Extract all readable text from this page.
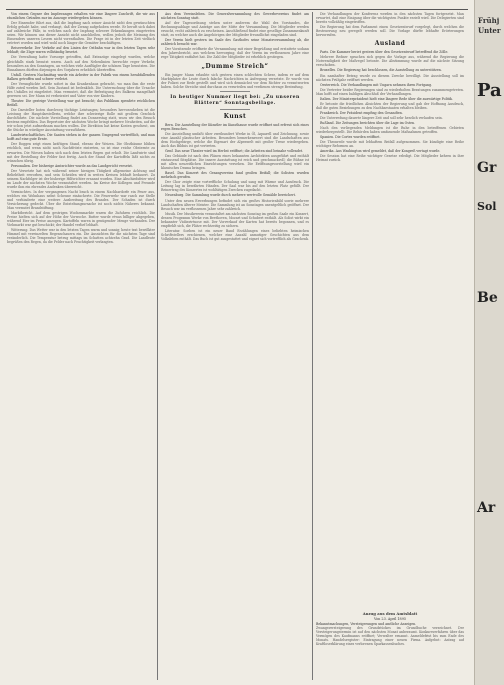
Von einem Gegner des Impfzwanges erhalten wir eine längere Zuschrift, die wir aus räumlichen Gründen nur im Auszuge wiedergeben können.

Der Einsender führt aus, daß die Impfung nach seiner Ansicht nicht den gewünschten Erfolg gehabt habe, und verlangt, daß der Zwang aufgehoben werde. Er beruft sich dabei auf zahlreiche Fälle, in welchen nach der Impfung schwere Erkrankungen eingetreten seien. Wir können uns dieser Ansicht nicht anschließen, wollen jedoch die Meinung des Einsenders unseren Lesern nicht vorenthalten. Die Frage ist in der letzten Zeit vielfach erörtert worden und wird wohl noch länger die Gemüter beschäftigen.

Reiseverkehr. Der Verkehr auf den Linien der Ostbahn war in den letzten Tagen sehr lebhaft; die Züge waren vollständig besetzt.

Die Verwaltung hatte Vorsorge getroffen, daß Extrazüge eingelegt wurden, welche gleichfalls stark benutzt waren. Auch auf den Nebenlinien herrschte reger Verkehr, besonders an den Sonntagen, an welchen viele Ausflügler die schönen Tage benutzten. Die Einnahmen dürften diejenigen des Vorjahres erheblich übertreffen.

Unfall. Gestern Nachmittag wurde ein Arbeiter in der Fabrik von einem herabfallenden Balken getroffen und schwer verletzt.

Der Verunglückte wurde sofort in das Krankenhaus gebracht, wo man ihm die erste Hilfe zuteil werden ließ. Sein Zustand ist bedenklich. Die Untersuchung über die Ursache des Unfalles ist eingeleitet. Man vermutet, daß die Befestigung des Balkens mangelhaft gewesen sei. Der Mann ist verheiratet und Vater von vier Kindern.

Theater. Die gestrige Vorstellung war gut besucht; das Publikum spendete reichlichen Beifall.

Die Darsteller boten durchweg tüchtige Leistungen; besonders hervorzuheben ist die Leistung der Hauptdarstellerin, welche ihre schwierige Rolle mit großem Geschick durchführte. Die nächste Vorstellung findet am Donnerstag statt, wozu wir den Besuch bestens empfehlen. Das Repertoire der nächsten Woche bringt mehrere Neuheiten, auf die wir schon jetzt aufmerksam machen wollen. Die Direktion hat keine Kosten gescheut, um die Stücke in würdiger Ausstattung vorzuführen.

Landwirtschaftliches. Die Saaten stehen in der ganzen Umgegend vortrefflich, und man hofft auf eine gute Ernte.

Der Roggen zeigt einen kräftigen Stand, ebenso der Weizen. Die Obstbäume blühen reichlich, und wenn nicht noch Nachtfröste eintreten, so ist eine reiche Obsternte zu erwarten. Die Wiesen haben sich nach dem letzten Regen gut erholt. Die Landwirte sind mit der Bestellung der Felder fast fertig. Auch der Stand der Kartoffeln läßt nichts zu wünschen übrig.

Personalien. Der bisherige Amtsrichter wurde an das Landgericht versetzt.

Der Versetzte hat sich während seiner hiesigen Tätigkeit allgemeine Achtung und Beliebtheit erworben, und sein Scheiden wird in weiten Kreisen lebhaft bedauert. Zu seinem Nachfolger ist der bisherige Hilfsrichter ernannt worden. Eine Abschiedsfeier wird im Laufe der nächsten Woche veranstaltet werden. Im Kreise der Kollegen und Freunde wurde ihm ein ehrendes Andenken überreicht.

Vermischtes. In der vergangenen Nacht brach in einem Nachbardorfe ein Feuer aus, welches ein Wohnhaus nebst Scheune einäscherte. Die Feuerwehr war rasch zur Stelle und verhinderte eine weitere Ausbreitung des Brandes. Der Schaden ist durch Versicherung gedeckt. Über die Entstehungsursache ist noch nichts Näheres bekannt. Man vermutet Brandstiftung.

Marktbericht. Auf dem gestrigen Wochenmarkte waren die Zufuhren reichlich. Die Preise hielten sich auf der Höhe der Vorwoche. Butter wurde etwas billiger abgegeben, während Eier im Preise anzogen. Kartoffeln waren in genügender Menge vorhanden. Der Viehmarkt war gut beschickt; der Handel verlief lebhaft.

Witterung. Das Wetter war in den letzten Tagen warm und sonnig; heute trat bewölkter Himmel mit vereinzelten Regenschauern ein. Die Aussichten für die nächsten Tage sind veränderlich. Die Temperatur betrug mittags im Schatten achtzehn Grad. Die Landleute begrüßen den Regen, da die Felder nach Feuchtigkeit verlangten.

Aus dem Vereinsleben. Die Generalversammlung des Gewerbevereins findet am nächsten Sonntag statt.

Auf der Tagesordnung stehen unter anderem die Wahl des Vorstandes, die Rechnungsablage und Anträge aus der Mitte der Versammlung. Die Mitglieder werden ersucht, recht zahlreich zu erscheinen. Anschließend findet eine gesellige Zusammenkunft statt, zu welcher auch die Angehörigen der Mitglieder freundlichst eingeladen sind.

Der Verein hielt gestern im Saale des Gasthofes seine Monatsversammlung ab, die zahlreich besucht war.

Der Vorsitzende eröffnete die Versammlung mit einer Begrüßung und erstattete sodann den Jahresbericht, aus welchem hervorging, daß der Verein im verflossenen Jahre eine rege Tätigkeit entfaltet hat. Die Zahl der Mitglieder ist erheblich gestiegen.

„Dumme Streich“

Ein junger Mann erlaubte sich gestern einen schlechten Scherz, indem er auf dem Marktplatze die Leute durch falsche Nachrichten in Aufregung versetzte. Er wurde von der Polizei zur Rede gestellt und wird sich demnächst vor dem Richter zu verantworten haben. Solche Streiche sind durchaus zu verurteilen und verdienen strenge Bestrafung.

In heutiger Nummer liegt bei: „Zu unseren Blättern“ Sonntagsbeilage.
Kunst

Bern. Die Ausstellung der Künstler im Kunsthause wurde eröffnet und erfreut sich eines regen Besuches.

Die Ausstellung umfaßt über zweihundert Werke in Öl, Aquarell und Zeichnung, sowie eine Anzahl plastischer Arbeiten. Besonders bemerkenswert sind die Landschaften aus dem Hochgebirge, welche die Eigenart der Alpenwelt mit großer Treue wiedergeben. Auch das Bildnis ist gut vertreten.

Genf. Das neue Theater wird im Herbst eröffnet; die Arbeiten sind beinahe vollendet.

Das Gebäude ist nach den Plänen eines bekannten Architekten ausgeführt und enthält eintausend Sitzplätze. Die innere Ausstattung ist reich und geschmackvoll; die Bühne ist mit allen neuzeitlichen Einrichtungen versehen. Die Eröffnungsvorstellung wird ein klassisches Drama bringen.

Basel. Das Konzert des Gesangvereins fand großen Beifall; die Solisten wurden mehrfach gerufen.

Der Chor zeigte eine vortreffliche Schulung und sang mit Wärme und Ausdruck. Die Leitung lag in bewährten Händen. Der Saal war bis auf den letzten Platz gefüllt. Der Reinertrag des Konzertes ist wohltätigen Zwecken zugedacht.

Neuenburg. Die Sammlung wurde durch mehrere wertvolle Gemälde bereichert.

Unter den neuen Erwerbungen befindet sich ein großes Historienbild sowie mehrere Landschaften älterer Meister. Die Sammlung ist an Sonntagen unentgeltlich geöffnet. Der Besuch war im verflossenen Jahre sehr zahlreich.

Musik. Der Musikverein veranstaltet am nächsten Sonntag im großen Saale ein Konzert, dessen Programm Werke von Beethoven, Mozart und Schubert enthält. Als Solist wirkt ein bekannter Violinvirtuose mit. Der Vorverkauf der Karten hat bereits begonnen, und es empfiehlt sich, die Plätze rechtzeitig zu sichern.

Literatur. Soeben ist ein neuer Band Erzählungen eines beliebten heimischen Schriftstellers erschienen, welcher eine Anzahl anmutiger Geschichten aus dem Volksleben enthält. Das Buch ist gut ausgestattet und eignet sich vortrefflich als Geschenk.

Die Verhandlungen der Konferenz werden in den nächsten Tagen fortgesetzt. Man erwartet, daß eine Einigung über die wichtigsten Punkte erzielt wird. Die Delegierten sind bereits vollzählig eingetroffen.

Die Regierung hat dem Parlament einen Gesetzentwurf vorgelegt, durch welchen die Besteuerung neu geregelt werden soll. Die Vorlage dürfte lebhafte Erörterungen hervorrufen.

Ausland

Paris. Die Kammer beriet gestern über den Gesetzentwurf betreffend die Zölle.

Mehrere Redner sprachen sich gegen die Vorlage aus, während die Regierung die Notwendigkeit der Maßregel betonte. Die Abstimmung wurde auf die nächste Sitzung verschoben.

Bruxelles. Die Regierung hat beschlossen, die Ausstellung zu unterstützen.

Ein namhafter Betrag wurde zu diesem Zwecke bewilligt. Die Ausstellung soll im nächsten Frühjahr eröffnet werden.

Oesterreich. Die Verhandlungen mit Ungarn nehmen ihren Fortgang.

Die Vertreter beider Regierungen sind zu wiederholten Beratungen zusammengetreten. Man hofft auf einen baldigen Abschluß der Verhandlungen.

Italien. Der Ministerpräsident hielt eine längere Rede über die auswärtige Politik.

Er betonte die friedlichen Absichten der Regierung und gab der Hoffnung Ausdruck, daß die guten Beziehungen zu den Nachbarstaaten erhalten bleiben.

Frankreich. Der Präsident empfing den Gesandten.

Die Unterredung dauerte längere Zeit und soll sehr herzlich verlaufen sein.

Rußland. Die Zeitungen berichten über die Lage im Osten.

Nach den vorliegenden Meldungen ist die Ruhe in den betroffenen Gebieten wiederhergestellt. Die Behörden haben umfassende Maßnahmen getroffen.

Spanien. Die Cortes wurden eröffnet.

Die Thronrede wurde mit lebhaftem Beifall aufgenommen. Sie kündigte eine Reihe wichtiger Reformen an.

Amerika. Aus Washington wird gemeldet, daß der Kongreß vertagt wurde.

Die Session hat eine Reihe wichtiger Gesetze erledigt. Die Mitglieder kehren in ihre Heimat zurück.

Anzug aus dem Amtsblatt
Von 23. April 1895

Bekanntmachungen, Versteigerungen und amtliche Anzeigen.

Zwangsversteigerung des Grundstückes im Grundbuche verzeichnet. Der Versteigerungstermin ist auf den nächsten Monat anberaumt. Konkursverfahren über das Vermögen des Kaufmanns eröffnet; Verwalter ernannt. Anmeldefrist bis zum Ende des Monats. Handelsregister: Eintragung einer neuen Firma. Aufgebot: Antrag auf Kraftloserklärung eines verlorenen Sparkassenbuches.

Frühj
Unter
Pa
Gr
Sol
Be
Ar
